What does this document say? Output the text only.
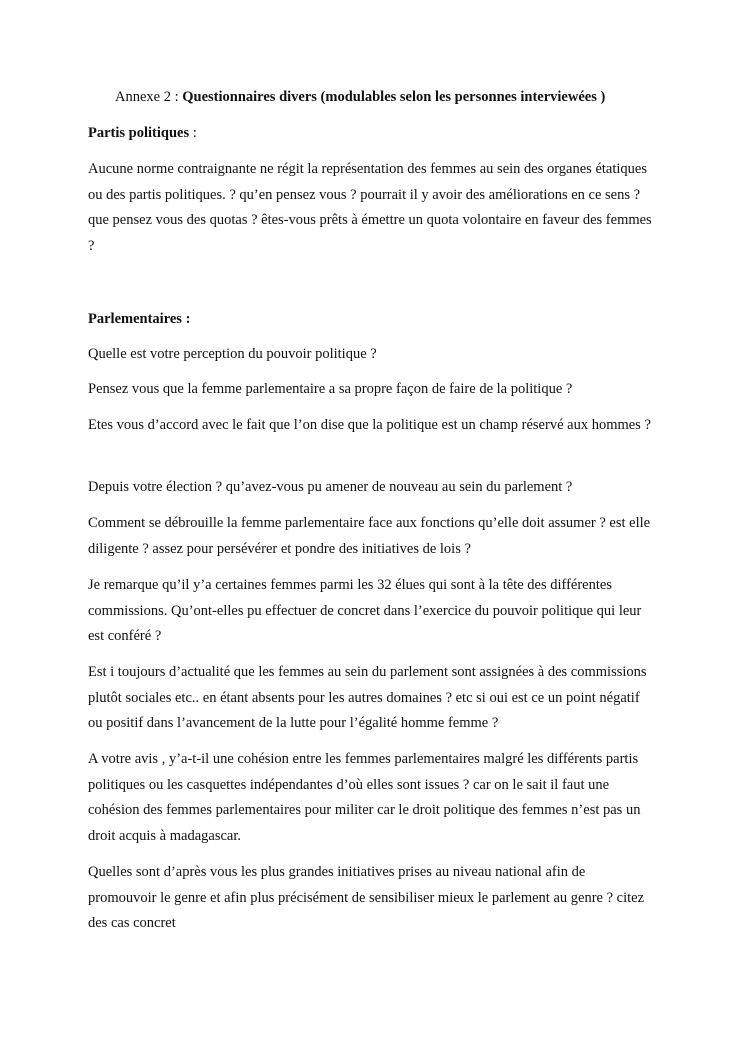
Annexe 2 : Questionnaires divers (modulables selon les personnes interviewées )
Partis politiques :

Aucune norme contraignante ne régit la représentation des femmes au sein des organes étatiques ou des partis politiques. ? qu’en pensez vous ? pourrait il y avoir des améliorations en ce sens ? que pensez vous des quotas ? êtes-vous prêts à émettre un quota volontaire en faveur des femmes ?

Parlementaires :

Quelle est votre perception du pouvoir politique ?

Pensez vous que la femme parlementaire a sa propre façon de faire de la politique ?

Etes vous d’accord avec le fait que l’on dise que la politique est un champ réservé aux hommes ?

Depuis votre élection ? qu’avez-vous pu amener de nouveau au sein du parlement ?

Comment se débrouille la femme parlementaire face aux fonctions qu’elle doit assumer ? est elle diligente ? assez pour persévérer et pondre des initiatives de lois ?

Je remarque qu’il y’a certaines femmes parmi les 32 élues qui sont à la tête des différentes commissions. Qu’ont-elles pu effectuer de concret dans l’exercice du pouvoir politique qui leur est conféré ?

Est i toujours d’actualité que les femmes au sein du parlement sont assignées à des commissions plutôt sociales etc.. en étant absents pour les autres domaines ? etc si oui est ce un point négatif ou positif dans l’avancement de la lutte pour l’égalité homme femme ?

A votre avis , y’a-t-il une cohésion entre les femmes parlementaires malgré les différents partis politiques ou les casquettes indépendantes d’où elles sont issues ? car on le sait il faut une cohésion des femmes parlementaires pour militer car le droit politique des femmes n’est pas un droit acquis à madagascar.

Quelles sont d’après vous les plus grandes initiatives prises au niveau national afin de promouvoir le genre et afin plus précisément de sensibiliser mieux le parlement au genre ? citez des cas concret
